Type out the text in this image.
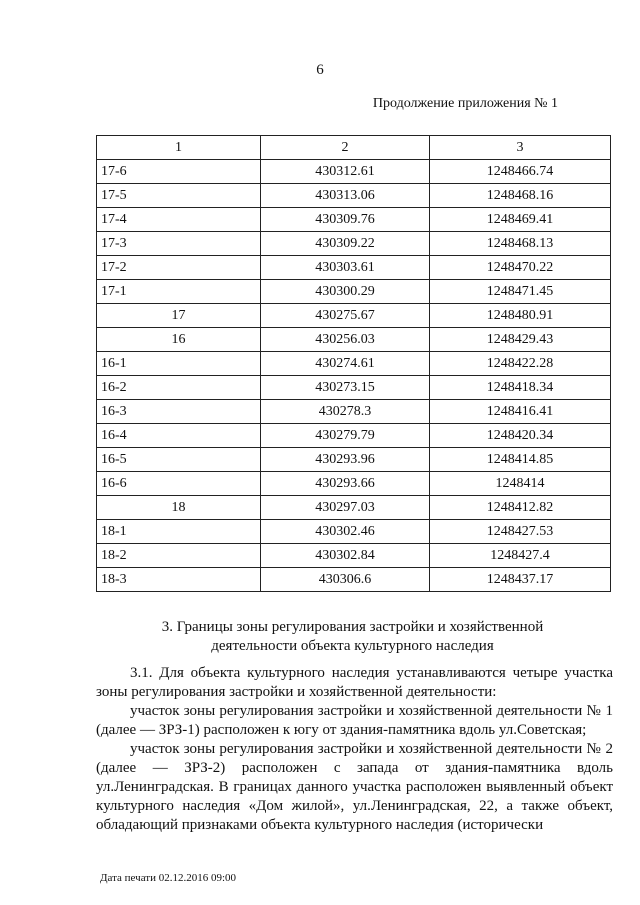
6
Продолжение приложения № 1
1	2	3
17-6	430312.61	1248466.74
17-5	430313.06	1248468.16
17-4	430309.76	1248469.41
17-3	430309.22	1248468.13
17-2	430303.61	1248470.22
17-1	430300.29	1248471.45
17	430275.67	1248480.91
16	430256.03	1248429.43
16-1	430274.61	1248422.28
16-2	430273.15	1248418.34
16-3	430278.3	1248416.41
16-4	430279.79	1248420.34
16-5	430293.96	1248414.85
16-6	430293.66	1248414
18	430297.03	1248412.82
18-1	430302.46	1248427.53
18-2	430302.84	1248427.4
18-3	430306.6	1248437.17
3. Границы зоны регулирования застройки и хозяйственной
деятельности объекта культурного наследия

3.1. Для объекта культурного наследия устанавливаются четыре участка зоны регулирования застройки и хозяйственной деятельности:

участок зоны регулирования застройки и хозяйственной деятельности № 1 (далее — ЗРЗ-1) расположен к югу от здания-памятника вдоль ул.Советская;

участок зоны регулирования застройки и хозяйственной деятельности № 2 (далее — ЗРЗ-2) расположен с запада от здания-памятника вдоль ул.Ленинградская. В границах данного участка расположен выявленный объект культурного наследия «Дом жилой», ул.Ленинградская, 22, а также объект, обладающий признаками объекта культурного наследия (исторически

Дата печати 02.12.2016 09:00
